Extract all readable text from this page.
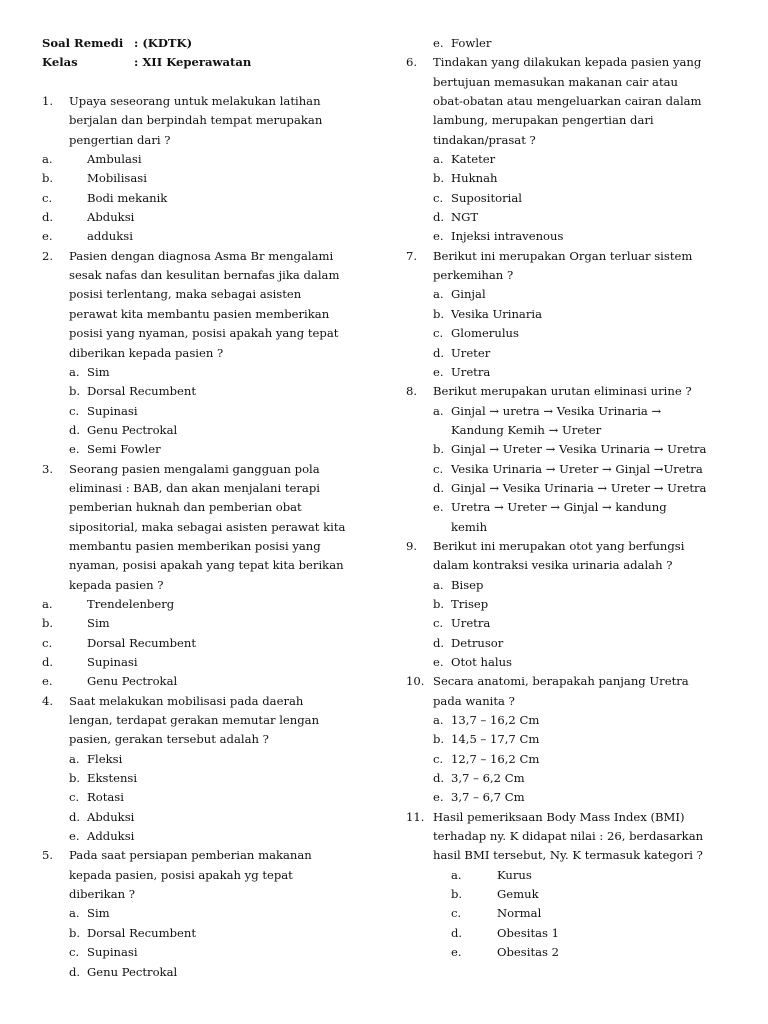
Soal Remedi : (KDTK)
Kelas	: XII Keperawatan
1. Upaya seseorang untuk melakukan latihan
berjalan dan berpindah tempat merupakan
pengertian dari ?
a.	Ambulasi
b.	Mobilisasi
c.	Bodi mekanik
d.	Abduksi
e.	adduksi
2. Pasien dengan diagnosa Asma Br mengalami
sesak nafas dan kesulitan bernafas jika dalam
posisi terlentang, maka sebagai asisten
perawat kita membantu pasien memberikan
posisi yang nyaman, posisi apakah yang tepat
diberikan kepada pasien ?
a. Sim
b. Dorsal Recumbent
c. Supinasi
d. Genu Pectrokal
e. Semi Fowler
3. Seorang pasien mengalami gangguan pola
eliminasi : BAB, dan akan menjalani terapi
pemberian huknah dan pemberian obat
sipositorial, maka sebagai asisten perawat kita
membantu pasien memberikan posisi yang
nyaman, posisi apakah yang tepat kita berikan
kepada pasien ?
a.	Trendelenberg
b.	Sim
c.	Dorsal Recumbent
d.	Supinasi
e.	Genu Pectrokal
4. Saat melakukan mobilisasi pada daerah
lengan, terdapat gerakan memutar lengan
pasien, gerakan tersebut adalah ?
a. Fleksi
b. Ekstensi
c. Rotasi
d. Abduksi
e. Adduksi
5. Pada saat persiapan pemberian makanan
kepada pasien, posisi apakah yg tepat
diberikan ?
a. Sim
b. Dorsal Recumbent
c. Supinasi
d. Genu Pectrokal
e. Fowler
6. Tindakan yang dilakukan kepada pasien yang
bertujuan memasukan makanan cair atau
obat-obatan atau mengeluarkan cairan dalam
lambung, merupakan pengertian dari
tindakan/prasat ?
a. Kateter
b. Huknah
c. Supositorial
d. NGT
e. Injeksi intravenous
7. Berikut ini merupakan Organ terluar sistem
perkemihan ?
a. Ginjal
b. Vesika Urinaria
c. Glomerulus
d. Ureter
e. Uretra
8. Berikut merupakan urutan eliminasi urine ?
a. Ginjal → uretra → Vesika Urinaria →
Kandung Kemih → Ureter
b. Ginjal → Ureter → Vesika Urinaria → Uretra
c. Vesika Urinaria → Ureter → Ginjal →Uretra
d. Ginjal → Vesika Urinaria → Ureter → Uretra
e. Uretra → Ureter → Ginjal → kandung
kemih
9. Berikut ini merupakan otot yang berfungsi
dalam kontraksi vesika urinaria adalah ?
a. Bisep
b. Trisep
c. Uretra
d. Detrusor
e. Otot halus
10. Secara anatomi, berapakah panjang Uretra
pada wanita ?
a. 13,7 – 16,2 Cm
b. 14,5 – 17,7 Cm
c. 12,7 – 16,2 Cm
d. 3,7 – 6,2 Cm
e. 3,7 – 6,7 Cm
11. Hasil pemeriksaan Body Mass Index (BMI)
terhadap ny. K didapat nilai : 26, berdasarkan
hasil BMI tersebut, Ny. K termasuk kategori ?
a.	Kurus
b.	Gemuk
c.	Normal
d.	Obesitas 1
e.	Obesitas 2
